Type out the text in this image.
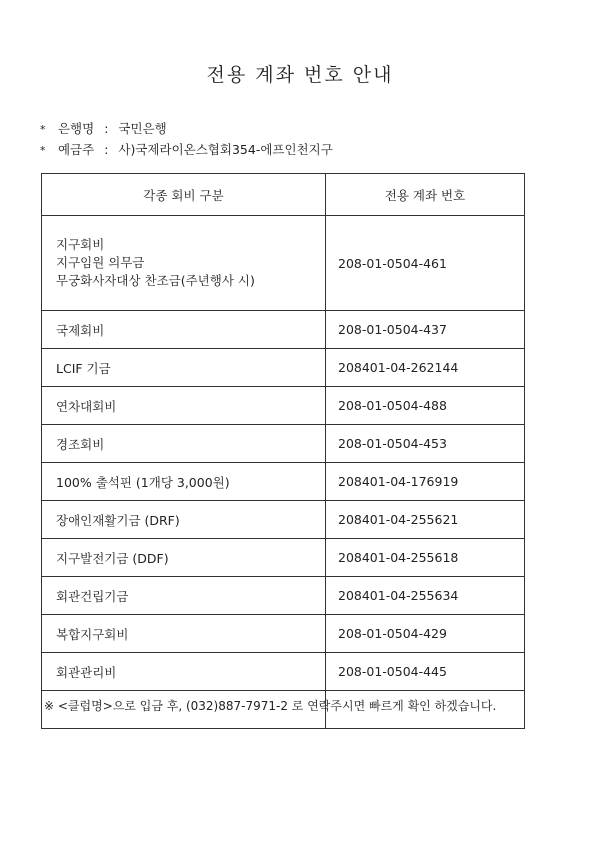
전용 계좌 번호 안내
* 은행명 : 국민은행
* 예금주 : 사)국제라이온스협회354-에프인천지구
각종 회비 구분	전용 계좌 번호

지구회비
지구임원 의무금
무궁화사자대상 찬조금(주년행사 시)	208-01-0504-461
국제회비	208-01-0504-437
LCIF 기금	208401-04-262144
연차대회비	208-01-0504-488
경조회비	208-01-0504-453
100% 출석핀 (1개당 3,000원)	208401-04-176919
장애인재활기금 (DRF)	208401-04-255621
지구발전기금 (DDF)	208401-04-255618
회관건립기금	208401-04-255634
복합지구회비	208-01-0504-429
회관관리비	208-01-0504-445

※ <클럽명>으로 입금 후, (032)887-7971-2 로 연락주시면 빠르게 확인 하겠습니다.
